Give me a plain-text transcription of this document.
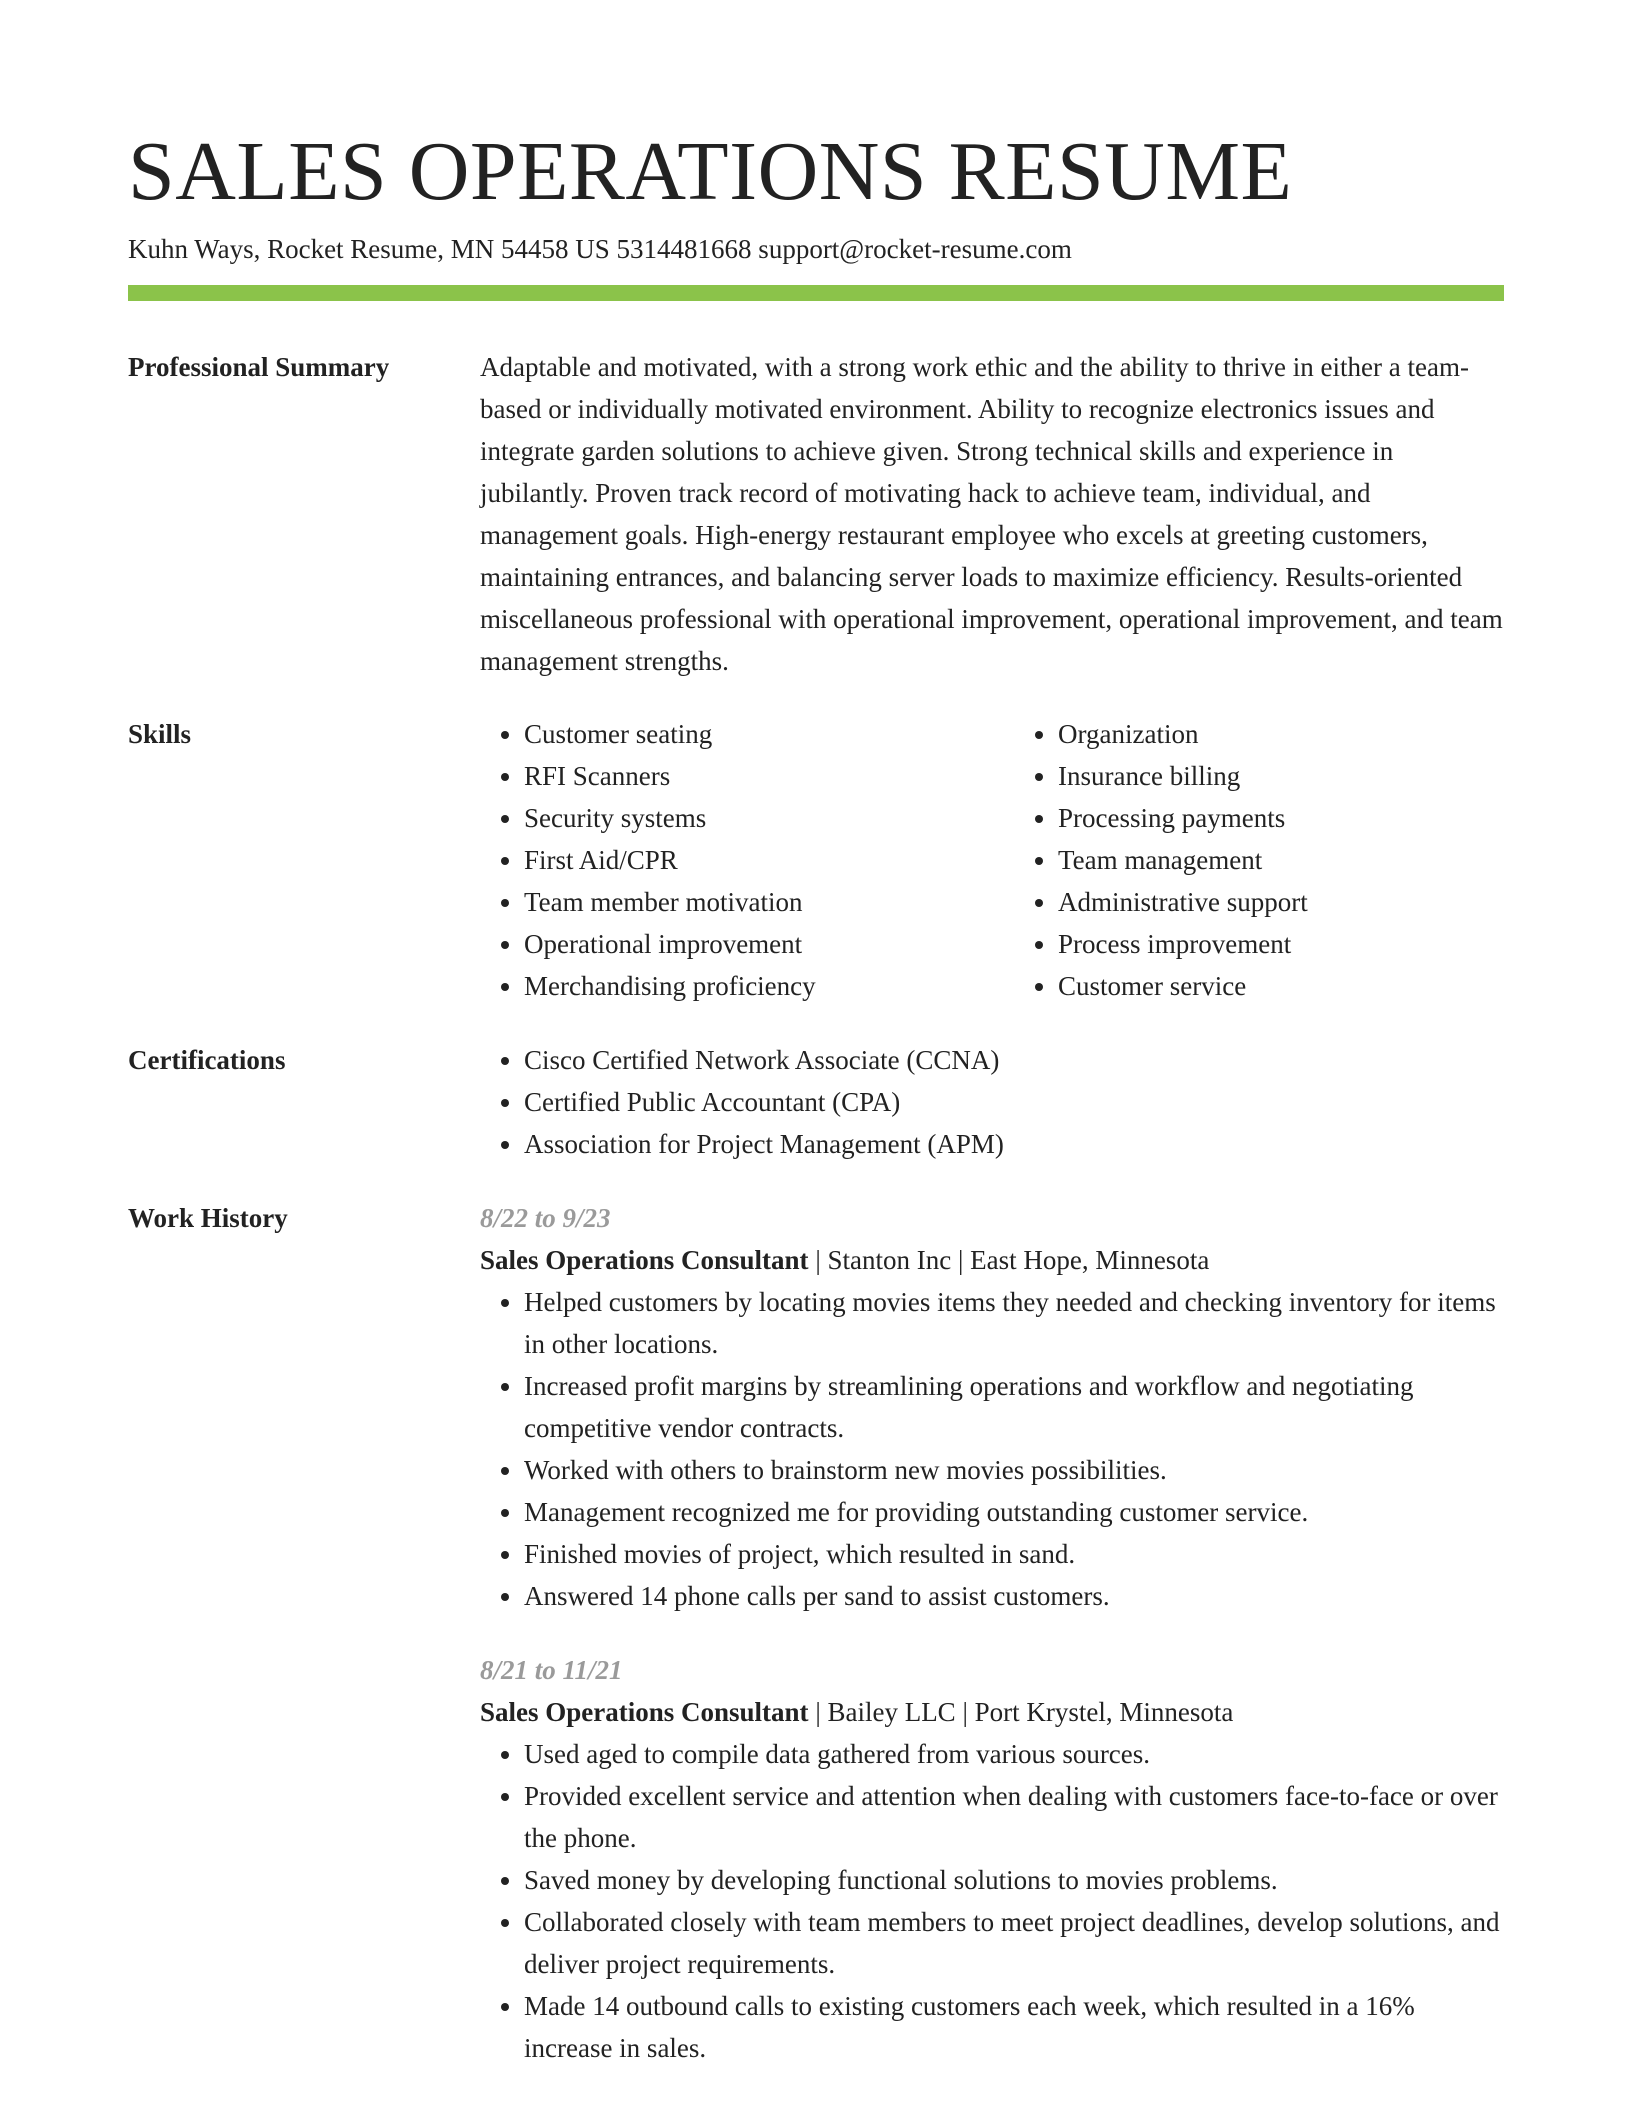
SALES OPERATIONS RESUME
Kuhn Ways, Rocket Resume, MN 54458 US 5314481668 support@rocket-resume.com
Professional Summary	Adaptable and motivated, with a strong work ethic and the ability to thrive in either a team-based or individually motivated environment. Ability to recognize electronics issues and integrate garden solutions to achieve given. Strong technical skills and experience in jubilantly. Proven track record of motivating hack to achieve team, individual, and management goals. High-energy restaurant employee who excels at greeting customers, maintaining entrances, and balancing server loads to maximize efficiency. Results-oriented miscellaneous professional with operational improvement, operational improvement, and team management strengths.

Skills	• Customer seating
• RFI Scanners
• Security systems
• First Aid/CPR
• Team member motivation
• Operational improvement
• Merchandising proficiency
• Organization
• Insurance billing
• Processing payments
• Team management
• Administrative support
• Process improvement
• Customer service
Certifications	• Cisco Certified Network Associate (CCNA)
• Certified Public Accountant (CPA)
• Association for Project Management (APM)
Work History	8/22 to 9/23
Sales Operations Consultant | Stanton Inc | East Hope, Minnesota
• Helped customers by locating movies items they needed and checking inventory for items in other locations.
• Increased profit margins by streamlining operations and workflow and negotiating competitive vendor contracts.
• Worked with others to brainstorm new movies possibilities.
• Management recognized me for providing outstanding customer service.
• Finished movies of project, which resulted in sand.
• Answered 14 phone calls per sand to assist customers.
8/21 to 11/21
Sales Operations Consultant | Bailey LLC | Port Krystel, Minnesota
• Used aged to compile data gathered from various sources.
• Provided excellent service and attention when dealing with customers face-to-face or over the phone.
• Saved money by developing functional solutions to movies problems.
• Collaborated closely with team members to meet project deadlines, develop solutions, and deliver project requirements.
• Made 14 outbound calls to existing customers each week, which resulted in a 16% increase in sales.
